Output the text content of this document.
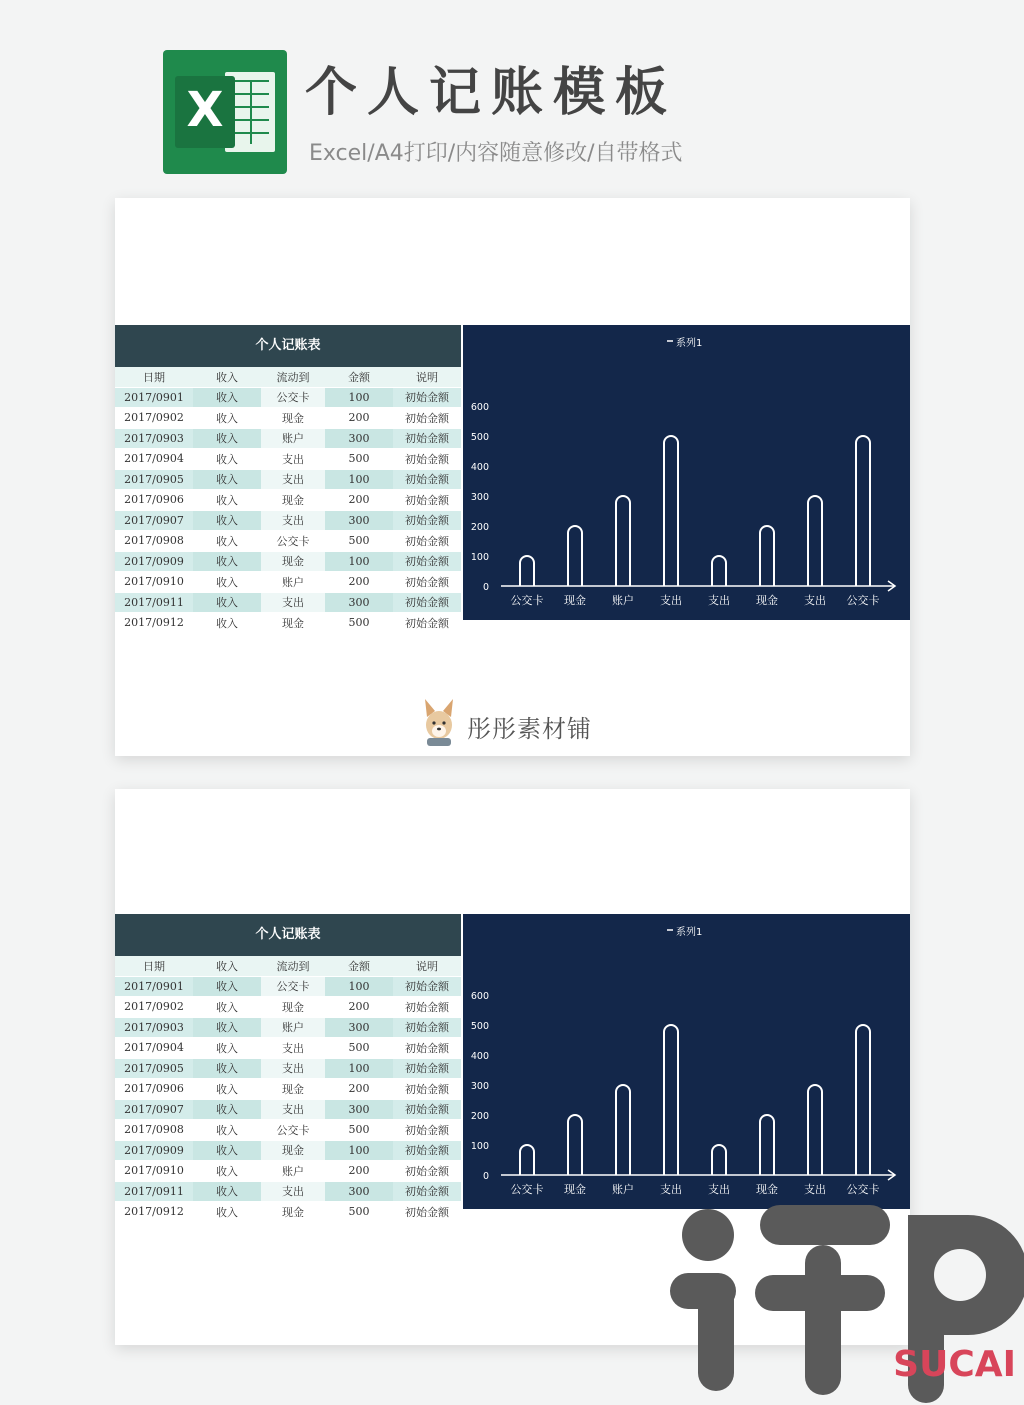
X 个人记账模板
Excel/A4打印/内容随意修改/自带格式
个人记账表
日期	收入	流动到	金额	说明
2017/0901	收入	公交卡	100	初始金额
2017/0902	收入	现金	200	初始金额
2017/0903	收入	账户	300	初始金额
2017/0904	收入	支出	500	初始金额
2017/0905	收入	支出	100	初始金额
2017/0906	收入	现金	200	初始金额
2017/0907	收入	支出	300	初始金额
2017/0908	收入	公交卡	500	初始金额
2017/0909	收入	现金	100	初始金额
2017/0910	收入	账户	200	初始金额
2017/0911	收入	支出	300	初始金额
2017/0912	收入	现金	500	初始金额
系列1
0
100
200
300
400
500
600
公交卡 现金 账户 支出 支出 现金 支出 公交卡
彤彤素材铺
个人记账表
日期	收入	流动到	金额	说明
2017/0901	收入	公交卡	100	初始金额
2017/0902	收入	现金	200	初始金额
2017/0903	收入	账户	300	初始金额
2017/0904	收入	支出	500	初始金额
2017/0905	收入	支出	100	初始金额
2017/0906	收入	现金	200	初始金额
2017/0907	收入	支出	300	初始金额
2017/0908	收入	公交卡	500	初始金额
2017/0909	收入	现金	100	初始金额
2017/0910	收入	账户	200	初始金额
2017/0911	收入	支出	300	初始金额
2017/0912	收入	现金	500	初始金额
系列1
0
100
200
300
400
500
600
公交卡 现金 账户 支出 支出 现金 支出 公交卡
SUCAI
